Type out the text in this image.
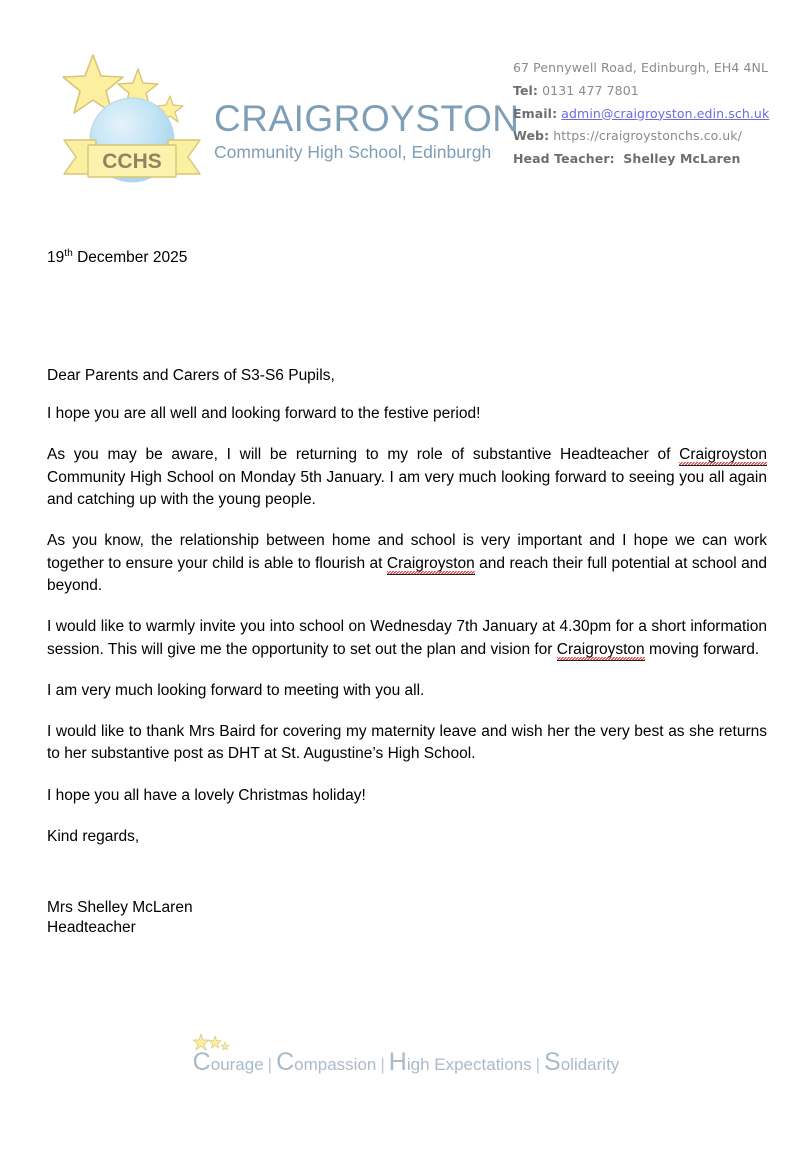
CCHS
CRAIGROYSTON
Community High School, Edinburgh
67 Pennywell Road, Edinburgh, EH4 4NL
Tel: 0131 477 7801
Email: admin@craigroyston.edin.sch.uk
Web: https://craigroystonchs.co.uk/
Head Teacher: Shelley McLaren

19th December 2025

Dear Parents and Carers of S3-S6 Pupils,

I hope you are all well and looking forward to the festive period!

As you may be aware, I will be returning to my role of substantive Headteacher of Craigroyston Community High School on Monday 5th January. I am very much looking forward to seeing you all again and catching up with the young people.

As you know, the relationship between home and school is very important and I hope we can work together to ensure your child is able to flourish at Craigroyston and reach their full potential at school and beyond.

I would like to warmly invite you into school on Wednesday 7th January at 4.30pm for a short information session. This will give me the opportunity to set out the plan and vision for Craigroyston moving forward.

I am very much looking forward to meeting with you all.

I would like to thank Mrs Baird for covering my maternity leave and wish her the very best as she returns to her substantive post as DHT at St. Augustine’s High School.

I hope you all have a lovely Christmas holiday!

Kind regards,

Mrs Shelley McLaren
Headteacher
Courage | Compassion | High Expectations | Solidarity
